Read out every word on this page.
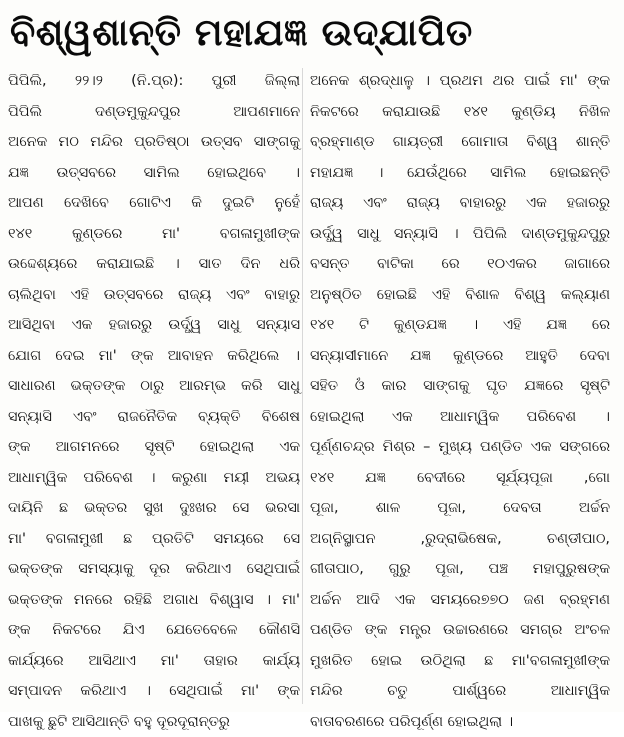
ବିଶ୍ୱଶାନ୍ତି ମହାଯଜ୍ଞ ଉଦ୍‌ଯାପିତ
ପିପିଲି, ୨୨।୨ (ନି.ପ୍ର): ପୁରୀ ଜିଲ୍ଲା
ପିପିଲି ଦଣ୍ଡମୁକୁନ୍ଦପୁର ଆପଣମାନେ
ଅନେକ ମଠ ମନ୍ଦିର ପ୍ରତିଷ୍ଠା ଉତ୍ସବ ସାଙ୍ଗକୁ
ଯଜ୍ଞ ଉତ୍ସବରେ ସାମିଲ ହୋଇଥିବେ ।
ଆପଣ ଦେଖିବେ ଗୋଟିଏ କି ଦୁଇଟି ନୁହେଁ
୧୪୧ କୁଣ୍ଡରେ ମା' ବଗଳାମୁଖୀଙ୍କ
ଉଦ୍ଦେଶ୍ୟରେ କରାଯାଇଛି । ସାତ ଦିନ ଧରି
ଚାଲିଥିବା ଏହି ଉତ୍ସବରେ ରାଜ୍ୟ ଏବଂ ବାହାରୁ
ଆସିଥିବା ଏକ ହଜାରରୁ ଉର୍ଦ୍ଧ୍ୱ ସାଧୁ ସନ୍ୟାସ
ଯୋଗ ଦେଇ ମା' ଙ୍କ ଆବାହନ କରିଥିଲେ ।
ସାଧାରଣ ଭକ୍ତଙ୍କ ଠାରୁ ଆରମ୍ଭ କରି ସାଧୁ
ସନ୍ୟାସି ଏବଂ ରାଜନୈତିକ ବ୍ୟକ୍ତି ବିଶେଷ
ଙ୍କ ଆଗମନରେ ସୃଷ୍ଟି ହୋଇଥିଲା ଏକ
ଆଧାମ୍ୱିକ ପରିବେଶ । କରୁଣା ମୟୀ ଅଭୟ
ଦାୟିନି ଛ ଭକ୍ତର ସୁଖ ଦୁଃଖର ସେ ଭରସା
ମା' ବଗଳାମୁଖୀ ଛ ପ୍ରତିଟି ସମୟରେ ସେ
ଭକ୍ତଙ୍କ ସମସ୍ୟାକୁ ଦୂର କରିଥାଏ ସେଥିପାଇଁ
ଭକ୍ତଙ୍କ ମନରେ ରହିଛି ଅଗାଧ ବିଶ୍ୱାସ । ମା'
ଙ୍କ ନିକଟରେ ଯିଏ ଯେତେବେଳେ କୌଣସି
କାର୍ଯ୍ୟରେ ଆସିଥାଏ ମା' ତାହାର କାର୍ଯ୍ୟ
ସମ୍ପାଦନ କରିଥାଏ । ସେଥିପାଇଁ ମା' ଙ୍କ
ପାଖକୁ ଛୁଟି ଆସିଥାନ୍ତି ବହୁ ଦୂରଦୂରାନ୍ତରୁ
ଅନେକ ଶ୍ରଦ୍ଧାଳୁ । ପ୍ରଥମ ଥର ପାଇଁ ମା' ଙ୍କ
ନିକଟରେ କରାଯାଉଛି ୧୪୧ କୁଣ୍ଡିୟ ନିଖିଳ
ବ୍ରହ୍ମାଣ୍ଡ ଗାୟତ୍ରୀ ଗୋମାତା ବିଶ୍ୱ ଶାନ୍ତି
ମହାଯଜ୍ଞ । ଯେଉଁଥିରେ ସାମିଲ ହୋଇଛନ୍ତି
ରାଜ୍ୟ ଏବଂ ରାଜ୍ୟ ବାହାରରୁ ଏକ ହଜାରରୁ
ଉର୍ଦ୍ଧ୍ୱ ସାଧୁ ସନ୍ୟାସି । ପିପିଲି ଦାଣ୍ଡମୁକୁନ୍ଦପୁରୁ
ବସନ୍ତ ବାଟିକା ରେ ୧୦ଏକର ଜାଗାରେ
ଅନୁଷ୍ଠିତ ହୋଇଛି ଏହି ବିଶାଳ ବିଶ୍ୱ କଲ୍ୟାଣ
୧୪୧ ଟି କୁଣ୍ଡଯଜ୍ଞ । ଏହି ଯଜ୍ଞ ରେ
ସନ୍ୟାସୀମାନେ ଯଜ୍ଞ କୁଣ୍ଡରେ ଆହୁତି ଦେବା
ସହିତ ଓଁ କାର ସାଙ୍ଗକୁ ଘୃତ ଯଜ୍ଞରେ ସୃଷ୍ଟି
ହୋଇଥିଲା ଏକ ଆଧାମ୍ୱିକ ପରିବେଶ ।
ପୂର୍ଣ୍ଣଚନ୍ଦ୍ର ମିଶ୍ର – ମୁଖ୍ୟ ପଣ୍ଡିତ ଏକ ସଙ୍ଗରେ
୧୪୧ ଯଜ୍ଞ ବେଦୀରେ ସୂର୍ଯ୍ୟପୂଜା ,ଗୋ
ପୂଜା, ଶାଳ ପୂଜା, ଦେବତା ଅର୍ଚ୍ଚନ
ଅଗ୍ନିସ୍ଥାପନ ,ରୁଦ୍ରାଭିଷେକ, ଚଣ୍ଡୀପାଠ,
ଗୀତାପାଠ, ଗୁରୁ ପୂଜା, ପଞ୍ଚ ମହାପୁରୁଷଙ୍କ
ଅର୍ଚ୍ଚନ ଆଦି ଏକ ସମୟରେ୭୭୦ ଜଣ ବ୍ରହ୍ମଣ
ପଣ୍ଡିତ ଙ୍କ ମନ୍ତ୍ର ଉଚ୍ଚାରଣରେ ସମଗ୍ର ଅଂଚଳ
ମୁଖରିତ ହୋଇ ଉଠିଥିଲା ଛ ମା'ବଗଳାମୁଖୀଙ୍କ
ମନ୍ଦିର ଚତୁ ପାର୍ଶ୍ୱରେ ଆଧାମ୍ୱିକ
ବାତାବରଣରେ ପରିପୂର୍ଣ୍ଣ ହୋଇଥିଲା ।
